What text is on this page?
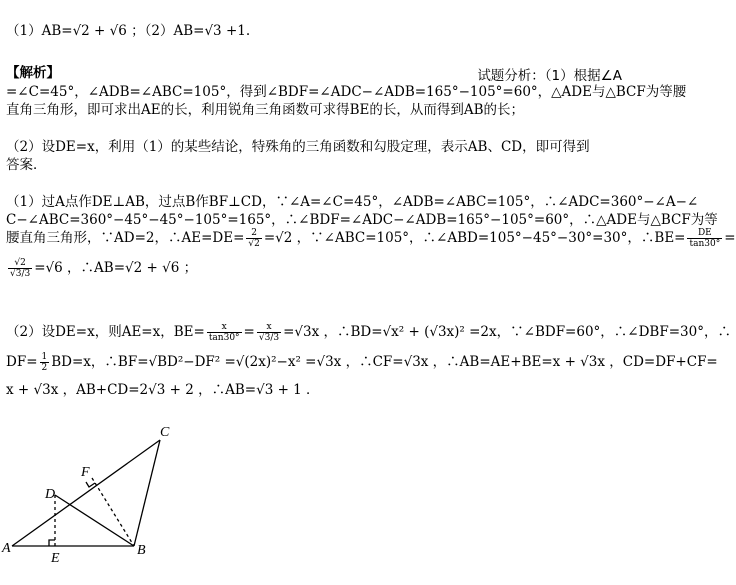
（1）AB=√2 + √6 ；（2）AB=√3 +1.
【解析】	试题分析：（1）根据∠A
=∠C=45°，∠ADB=∠ABC=105°，得到∠BDF=∠ADC−∠ADB=165°−105°=60°，△ADE与△BCF为等腰
直角三角形，即可求出AE的长，利用锐角三角函数可求得BE的长，从而得到AB的长；
（2）设DE=x，利用（1）的某些结论，特殊角的三角函数和勾股定理，表示AB、CD，即可得到
答案．
（1）过A点作DE⊥AB，过点B作BF⊥CD，∵∠A=∠C=45°，∠ADB=∠ABC=105°，∴∠ADC=360°−∠A−∠
C−∠ABC=360°−45°−45°−105°=165°，∴∠BDF=∠ADC−∠ADB=165°−105°=60°，∴△ADE与△BCF为等
腰直角三角形，∵AD=2，∴AE=DE= $\frac{2}{√2} =√2$ ，∵∠ABC=105°，∴∠ABD=105°−45°−30°=30°，∴BE= $\frac{DE}{\tan 30^\circ}$ =
$\frac{√2}{√3/3} =√6$ ，∴AB=√2 + √6 ；
（2）设DE=x，则AE=x，$BE= \frac{x}{\tan 30^\circ} = \frac{x}{√3/3} =√3x$ ，∴BD=√x² + (√3x)² =2x，∵∠BDF=60°，∴∠DBF=30°，∴
$DF= \frac{1}{2} BD=x$，∴BF=√BD²−DF² =√(2x)²−x² =√3x ，∴CF=√3x ，∴AB=AE+BE=x + √3x ，CD=DF+CF=
x + √3x ，AB+CD=2√3 + 2 ，∴AB=√3 + 1 ．
A	B
C
D
E
F
